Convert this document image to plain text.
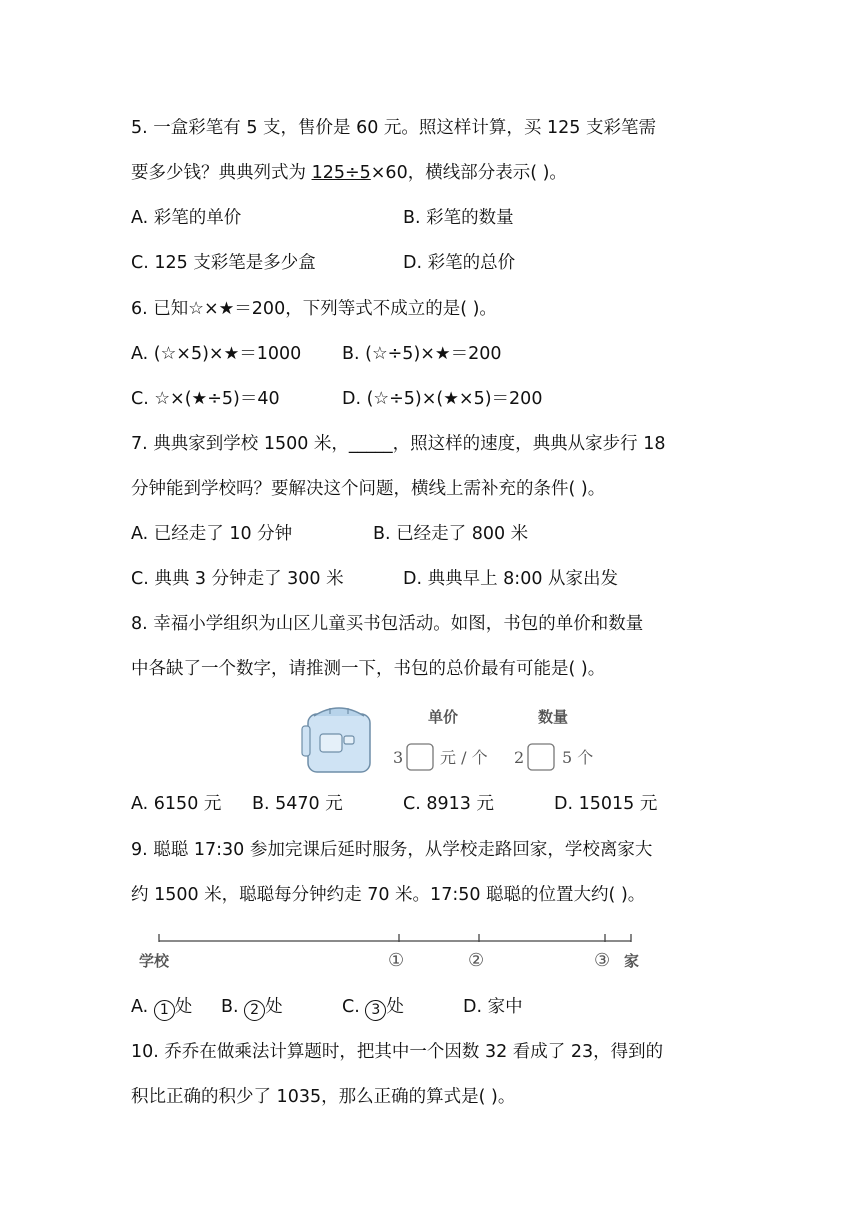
5. 一盒彩笔有 5 支，售价是 60 元。照这样计算，买 125 支彩笔需
要多少钱？典典列式为 125÷5×60，横线部分表示( )。
A. 彩笔的单价	B. 彩笔的数量
C. 125 支彩笔是多少盒	D. 彩笔的总价
6. 已知☆×★＝200，下列等式不成立的是( )。
A. (☆×5)×★＝1000 B. (☆÷5)×★＝200
C. ☆×(★÷5)＝40	D. (☆÷5)×(★×5)＝200
7. 典典家到学校 1500 米，_____，照这样的速度，典典从家步行 18
分钟能到学校吗？要解决这个问题，横线上需补充的条件( )。
A. 已经走了 10 分钟	B. 已经走了 800 米
C. 典典 3 分钟走了 300 米	D. 典典早上 8:00 从家出发
8. 幸福小学组织为山区儿童买书包活动。如图，书包的单价和数量
中各缺了一个数字，请推测一下，书包的总价最有可能是( )。
单价	数量
3 元 / 个 2 5 个
A. 6150 元 B. 5470 元	C. 8913 元	D. 15015 元
9. 聪聪 17:30 参加完课后延时服务，从学校走路回家，学校离家大
约 1500 米，聪聪每分钟约走 70 米。17:50 聪聪的位置大约( )。
学校	①	②	③ 家
A. 1 处 B. 2 处	C. 3 处	D. 家中
10. 乔乔在做乘法计算题时，把其中一个因数 32 看成了 23，得到的
积比正确的积少了 1035，那么正确的算式是( )。
